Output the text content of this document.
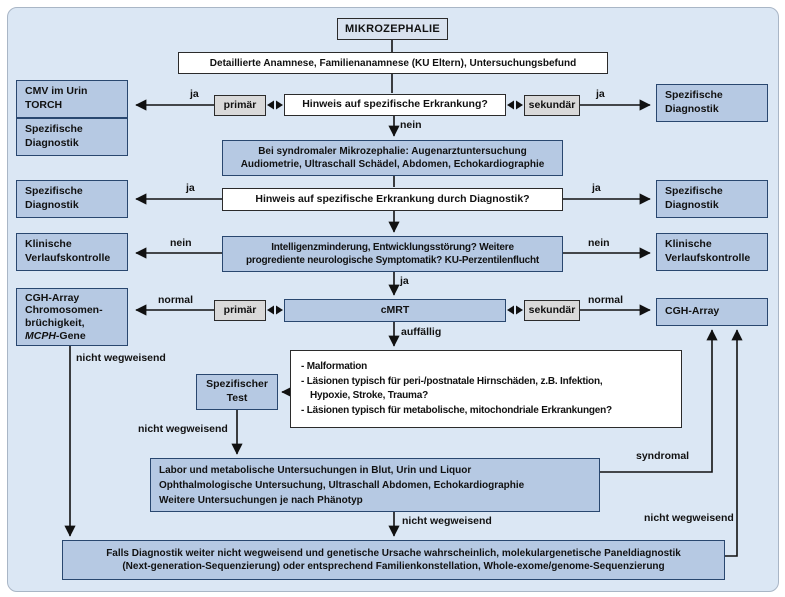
MIKROZEPHALIE
Detaillierte Anamnese, Familienanamnese (KU Eltern), Untersuchungsbefund
primär	Hinweis auf spezifische Erkrankung?	sekundär
CMV im Urin
TORCH
Spezifische
Diagnostik
Spezifische
Diagnostik
Klinische
Verlaufskontrolle
CGH-Array
Chromosomen-
brüchigkeit,
MCPH-Gene
Spezifische
Diagnostik
Spezifische
Diagnostik
Klinische
Verlaufskontrolle
CGH-Array
Bei syndromaler Mikrozephalie: Augenarztuntersuchung
Audiometrie, Ultraschall Schädel, Abdomen, Echokardiographie
Hinweis auf spezifische Erkrankung durch Diagnostik?
Intelligenzminderung, Entwicklungsstörung? Weitere
progrediente neurologische Symptomatik? KU-Perzentilenflucht
primär	cMRT	sekundär
- Malformation
- Läsionen typisch für peri-/postnatale Hirnschäden, z.B. Infektion,
Hypoxie, Stroke, Trauma?
- Läsionen typisch für metabolische, mitochondriale Erkrankungen?
Spezifischer
Test
Labor und metabolische Untersuchungen in Blut, Urin und Liquor
Ophthalmologische Untersuchung, Ultraschall Abdomen, Echokardiographie
Weitere Untersuchungen je nach Phänotyp
Falls Diagnostik weiter nicht wegweisend und genetische Ursache wahrscheinlich, molekulargenetische Paneldiagnostik
(Next-generation-Sequenzierung) oder entsprechend Familienkonstellation, Whole-exome/genome-Sequenzierung
ja	ja
nein
ja	ja
nein	nein
ja
normal	normal
auffällig
nicht wegweisend
nicht wegweisend
syndromal
nicht wegweisend	nicht wegweisend
